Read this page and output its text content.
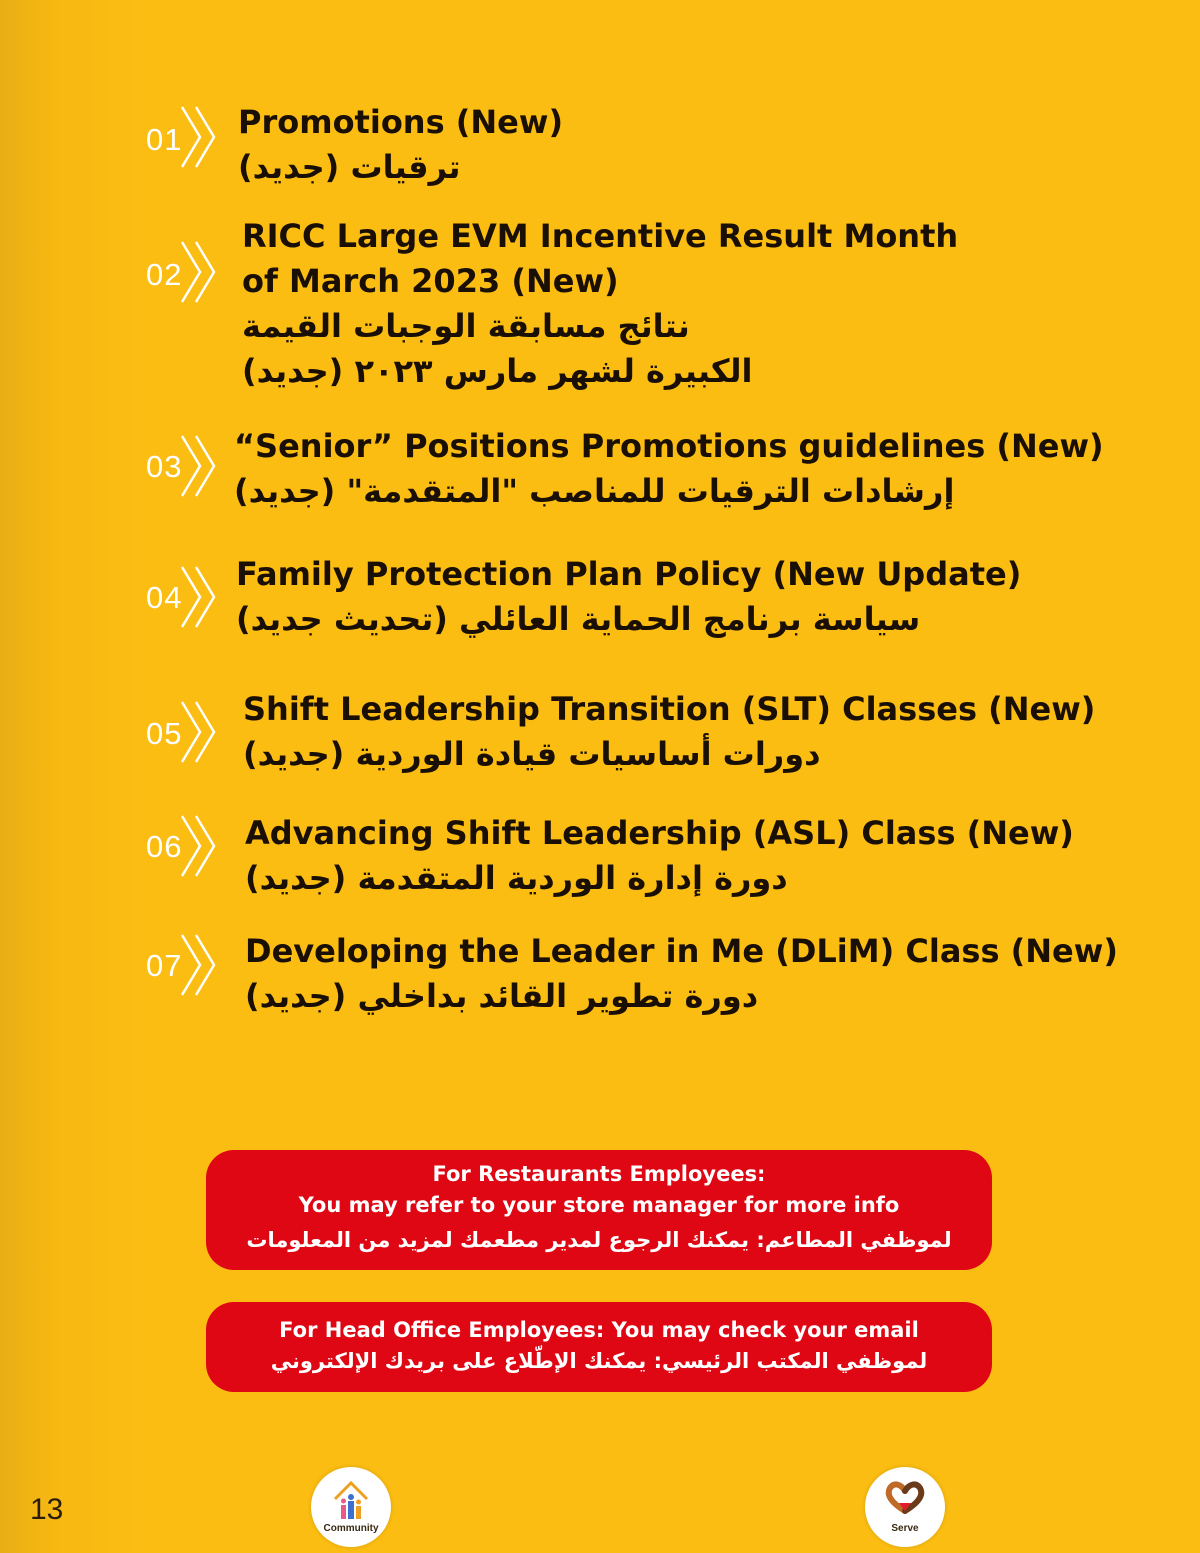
01 Promotions (New)
ترقيات (جديد)
02
RICC Large EVM Incentive Result Month
of March 2023 (New)
نتائج مسابقة الوجبات القيمة
الكبيرة لشهر مارس ٢٠٢٣ (جديد)
03
“Senior” Positions Promotions guidelines (New)
إرشادات الترقيات للمناصب "المتقدمة" (جديد)
04
Family Protection Plan Policy (New Update)
سياسة برنامج الحماية العائلي (تحديث جديد)
05
Shift Leadership Transition (SLT) Classes (New)
دورات أساسيات قيادة الوردية (جديد)
06 Advancing Shift Leadership (ASL) Class (New)
دورة إدارة الوردية المتقدمة (جديد)
07 Developing the Leader in Me (DLiM) Class (New)
دورة تطوير القائد بداخلي (جديد)
For Restaurants Employees:
You may refer to your store manager for more info
لموظفي المطاعم: يمكنك الرجوع لمدير مطعمك لمزيد من المعلومات
For Head Office Employees: You may check your email
لموظفي المكتب الرئيسي: يمكنك الإطّلاع على بريدك الإلكتروني
13
Community	Serve
